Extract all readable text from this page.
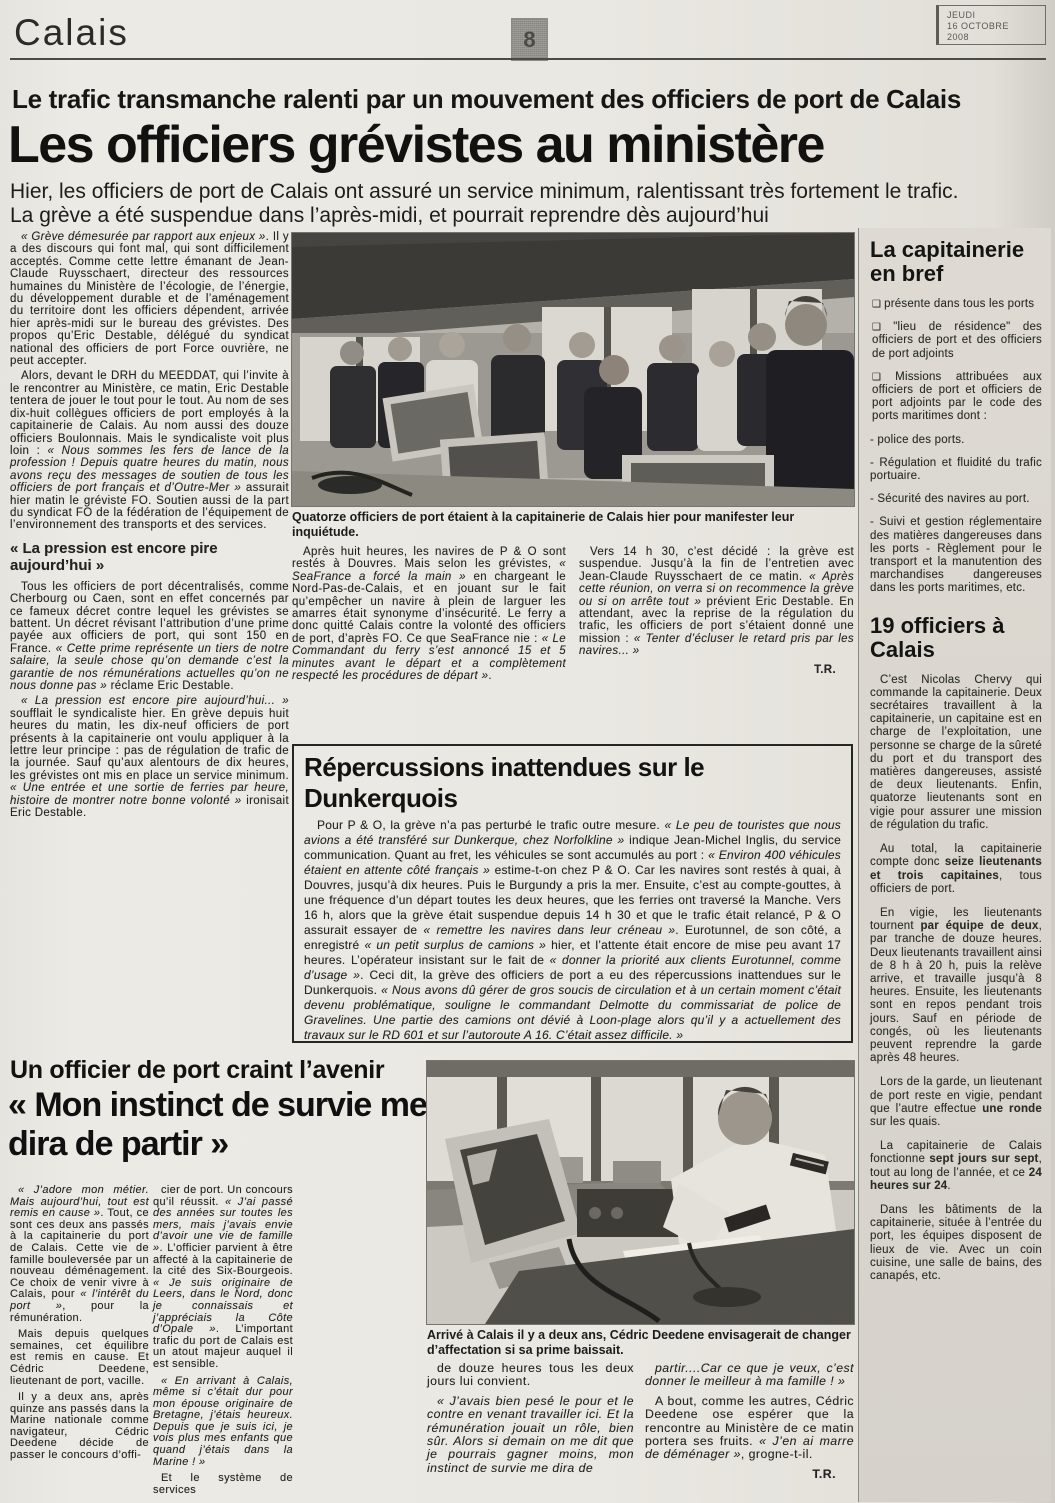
Calais	8
JEUDI
16 OCTOBRE
2008
Le trafic transmanche ralenti par un mouvement des officiers de port de Calais
Les officiers grévistes au ministère
Hier, les officiers de port de Calais ont assuré un service minimum, ralentissant très fortement le trafic. La grève a été suspendue dans l’après-midi, et pourrait reprendre dès aujourd’hui

« Grève démesurée par rapport aux enjeux ». Il y a des discours qui font mal, qui sont difficilement acceptés. Comme cette lettre émanant de Jean-Claude Ruysschaert, directeur des ressources humaines du Ministère de l’écologie, de l’énergie, du développement durable et de l’aménagement du territoire dont les officiers dépendent, arrivée hier après-midi sur le bureau des grévistes. Des propos qu’Eric Destable, délégué du syndicat national des officiers de port Force ouvrière, ne peut accepter.

Alors, devant le DRH du MEEDDAT, qui l’invite à le rencontrer au Ministère, ce matin, Eric Destable tentera de jouer le tout pour le tout. Au nom de ses dix-huit collègues officiers de port employés à la capitainerie de Calais. Au nom aussi des douze officiers Boulonnais. Mais le syndicaliste voit plus loin : « Nous sommes les fers de lance de la profession ! Depuis quatre heures du matin, nous avons reçu des messages de soutien de tous les officiers de port français et d’Outre-Mer » assurait hier matin le gréviste FO. Soutien aussi de la part du syndicat FO de la fédération de l’équipement de l’environnement des transports et des services.

« La pression est encore pire aujourd’hui »

Tous les officiers de port décentralisés, comme Cherbourg ou Caen, sont en effet concernés par ce fameux décret contre lequel les grévistes se battent. Un décret révisant l’attribution d’une prime payée aux officiers de port, qui sont 150 en France. « Cette prime représente un tiers de notre salaire, la seule chose qu’on demande c’est la garantie de nos rémunérations actuelles qu’on ne nous donne pas » réclame Eric Destable.

« La pression est encore pire aujourd’hui... » soufflait le syndicaliste hier. En grève depuis huit heures du matin, les dix-neuf officiers de port présents à la capitainerie ont voulu appliquer à la lettre leur principe : pas de régulation de trafic de la journée. Sauf qu’aux alentours de dix heures, les grévistes ont mis en place un service minimum. « Une entrée et une sortie de ferries par heure, histoire de montrer notre bonne volonté » ironisait Eric Destable.

Quatorze officiers de port étaient à la capitainerie de Calais hier pour manifester leur inquiétude.

Après huit heures, les navires de P & O sont restés à Douvres. Mais selon les grévistes, « SeaFrance a forcé la main » en chargeant le Nord-Pas-de-Calais, et en jouant sur le fait qu’empêcher un navire à plein de larguer les amarres était synonyme d’insécurité. Le ferry a donc quitté Calais contre la volonté des officiers de port, d’après FO. Ce que SeaFrance nie : « Le Commandant du ferry s’est annoncé 15 et 5 minutes avant le départ et a complètement respecté les procédures de départ ».

Vers 14 h 30, c’est décidé : la grève est suspendue. Jusqu’à la fin de l’entretien avec Jean-Claude Ruysschaert de ce matin. « Après cette réunion, on verra si on recommence la grève ou si on arrête tout » prévient Eric Destable. En attendant, avec la reprise de la régulation du trafic, les officiers de port s’étaient donné une mission : « Tenter d’écluser le retard pris par les navires... »

T.R.

Répercussions inattendues sur le Dunkerquois

Pour P & O, la grève n’a pas perturbé le trafic outre mesure. « Le peu de touristes que nous avions a été transféré sur Dunkerque, chez Norfolkline » indique Jean-Michel Inglis, du service communication. Quant au fret, les véhicules se sont accumulés au port : « Environ 400 véhicules étaient en attente côté français » estime-t-on chez P & O. Car les navires sont restés à quai, à Douvres, jusqu’à dix heures. Puis le Burgundy a pris la mer. Ensuite, c’est au compte-gouttes, à une fréquence d’un départ toutes les deux heures, que les ferries ont traversé la Manche. Vers 16 h, alors que la grève était suspendue depuis 14 h 30 et que le trafic était relancé, P & O assurait essayer de « remettre les navires dans leur créneau ». Eurotunnel, de son côté, a enregistré « un petit surplus de camions » hier, et l’attente était encore de mise peu avant 17 heures. L’opérateur insistant sur le fait de « donner la priorité aux clients Eurotunnel, comme d’usage ». Ceci dit, la grève des officiers de port a eu des répercussions inattendues sur le Dunkerquois. « Nous avons dû gérer de gros soucis de circulation et à un certain moment c’était devenu problématique, souligne le commandant Delmotte du commissariat de police de Gravelines. Une partie des camions ont dévié à Loon-plage alors qu’il y a actuellement des travaux sur le RD 601 et sur l’autoroute A 16. C’était assez difficile. »

La capitainerie en bref

❑ présente dans tous les ports

❑ "lieu de résidence" des officiers de port et des officiers de port adjoints

❑ Missions attribuées aux officiers de port et officiers de port adjoints par le code des ports maritimes dont :

- police des ports.

- Régulation et fluidité du trafic portuaire.

- Sécurité des navires au port.

- Suivi et gestion réglementaire des matières dangereuses dans les ports - Règlement pour le transport et la manutention des marchandises dangereuses dans les ports maritimes, etc.

19 officiers à Calais

C’est Nicolas Chervy qui commande la capitainerie. Deux secrétaires travaillent à la capitainerie, un capitaine est en charge de l’exploitation, une personne se charge de la sûreté du port et du transport des matières dangereuses, assisté de deux lieutenants. Enfin, quatorze lieutenants sont en vigie pour assurer une mission de régulation du trafic.

Au total, la capitainerie compte donc seize lieutenants et trois capitaines, tous officiers de port.

En vigie, les lieutenants tournent par équipe de deux, par tranche de douze heures. Deux lieutenants travaillent ainsi de 8 h à 20 h, puis la relève arrive, et travaille jusqu’à 8 heures. Ensuite, les lieutenants sont en repos pendant trois jours. Sauf en période de congés, où les lieutenants peuvent reprendre la garde après 48 heures.

Lors de la garde, un lieutenant de port reste en vigie, pendant que l’autre effectue une ronde sur les quais.

La capitainerie de Calais fonctionne sept jours sur sept, tout au long de l’année, et ce 24 heures sur 24.

Dans les bâtiments de la capitainerie, située à l’entrée du port, les équipes disposent de lieux de vie. Avec un coin cuisine, une salle de bains, des canapés, etc.

Un officier de port craint l’avenir
« Mon instinct de survie me dira de partir »

« J’adore mon métier. Mais aujourd’hui, tout est remis en cause ». Tout, ce sont ces deux ans passés à la capitainerie du port de Calais. Cette vie de famille bouleversée par un nouveau déménagement. Ce choix de venir vivre à Calais, pour « l’intérêt du port », pour la rémunération.

Mais depuis quelques semaines, cet équilibre est remis en cause. Et Cédric Deedene, lieutenant de port, vacille.

Il y a deux ans, après quinze ans passés dans la Marine nationale comme navigateur, Cédric Deedene décide de passer le concours d’offi-

cier de port. Un concours qu’il réussit. « J’ai passé des années sur toutes les mers, mais j’avais envie d’avoir une vie de famille ». L’officier parvient à être affecté à la capitainerie de la cité des Six-Bourgeois. « Je suis originaire de Leers, dans le Nord, donc je connaissais et j’appréciais la Côte d’Opale ». L’important trafic du port de Calais est un atout majeur auquel il est sensible.

« En arrivant à Calais, même si c’était dur pour mon épouse originaire de Bretagne, j’étais heureux. Depuis que je suis ici, je vois plus mes enfants que quand j’étais dans la Marine ! »

Et le système de services

Arrivé à Calais il y a deux ans, Cédric Deedene envisagerait de changer d’affectation si sa prime baissait.

de douze heures tous les deux jours lui convient.

« J’avais bien pesé le pour et le contre en venant travailler ici. Et la rémunération jouait un rôle, bien sûr. Alors si demain on me dit que je pourrais gagner moins, mon instinct de survie me dira de

partir....Car ce que je veux, c’est donner le meilleur à ma famille ! »

A bout, comme les autres, Cédric Deedene ose espérer que la rencontre au Ministère de ce matin portera ses fruits. « J’en ai marre de déménager », grogne-t-il.

T.R.
